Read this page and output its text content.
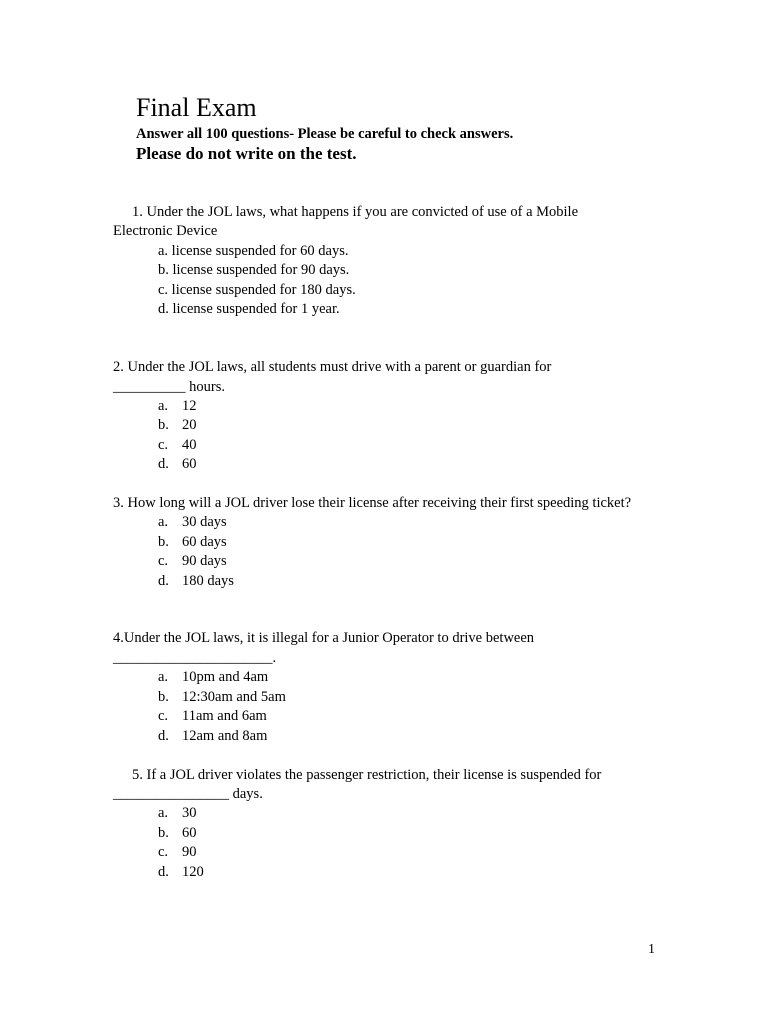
Final Exam
Answer all 100 questions- Please be careful to check answers.
Please do not write on the test.
1. Under the JOL laws, what happens if you are convicted of use of a Mobile
Electronic Device
a. license suspended for 60 days.
b. license suspended for 90 days.
c. license suspended for 180 days.
d. license suspended for 1 year.
2. Under the JOL laws, all students must drive with a parent or guardian for
__________ hours.
a. 12
b. 20
c. 40
d. 60
3. How long will a JOL driver lose their license after receiving their first speeding ticket?
a. 30 days
b. 60 days
c. 90 days
d. 180 days
4.Under the JOL laws, it is illegal for a Junior Operator to drive between
______________________.
a. 10pm and 4am
b. 12:30am and 5am
c. 11am and 6am
d. 12am and 8am
5. If a JOL driver violates the passenger restriction, their license is suspended for
________________ days.
a. 30
b. 60
c. 90
d. 120
1
